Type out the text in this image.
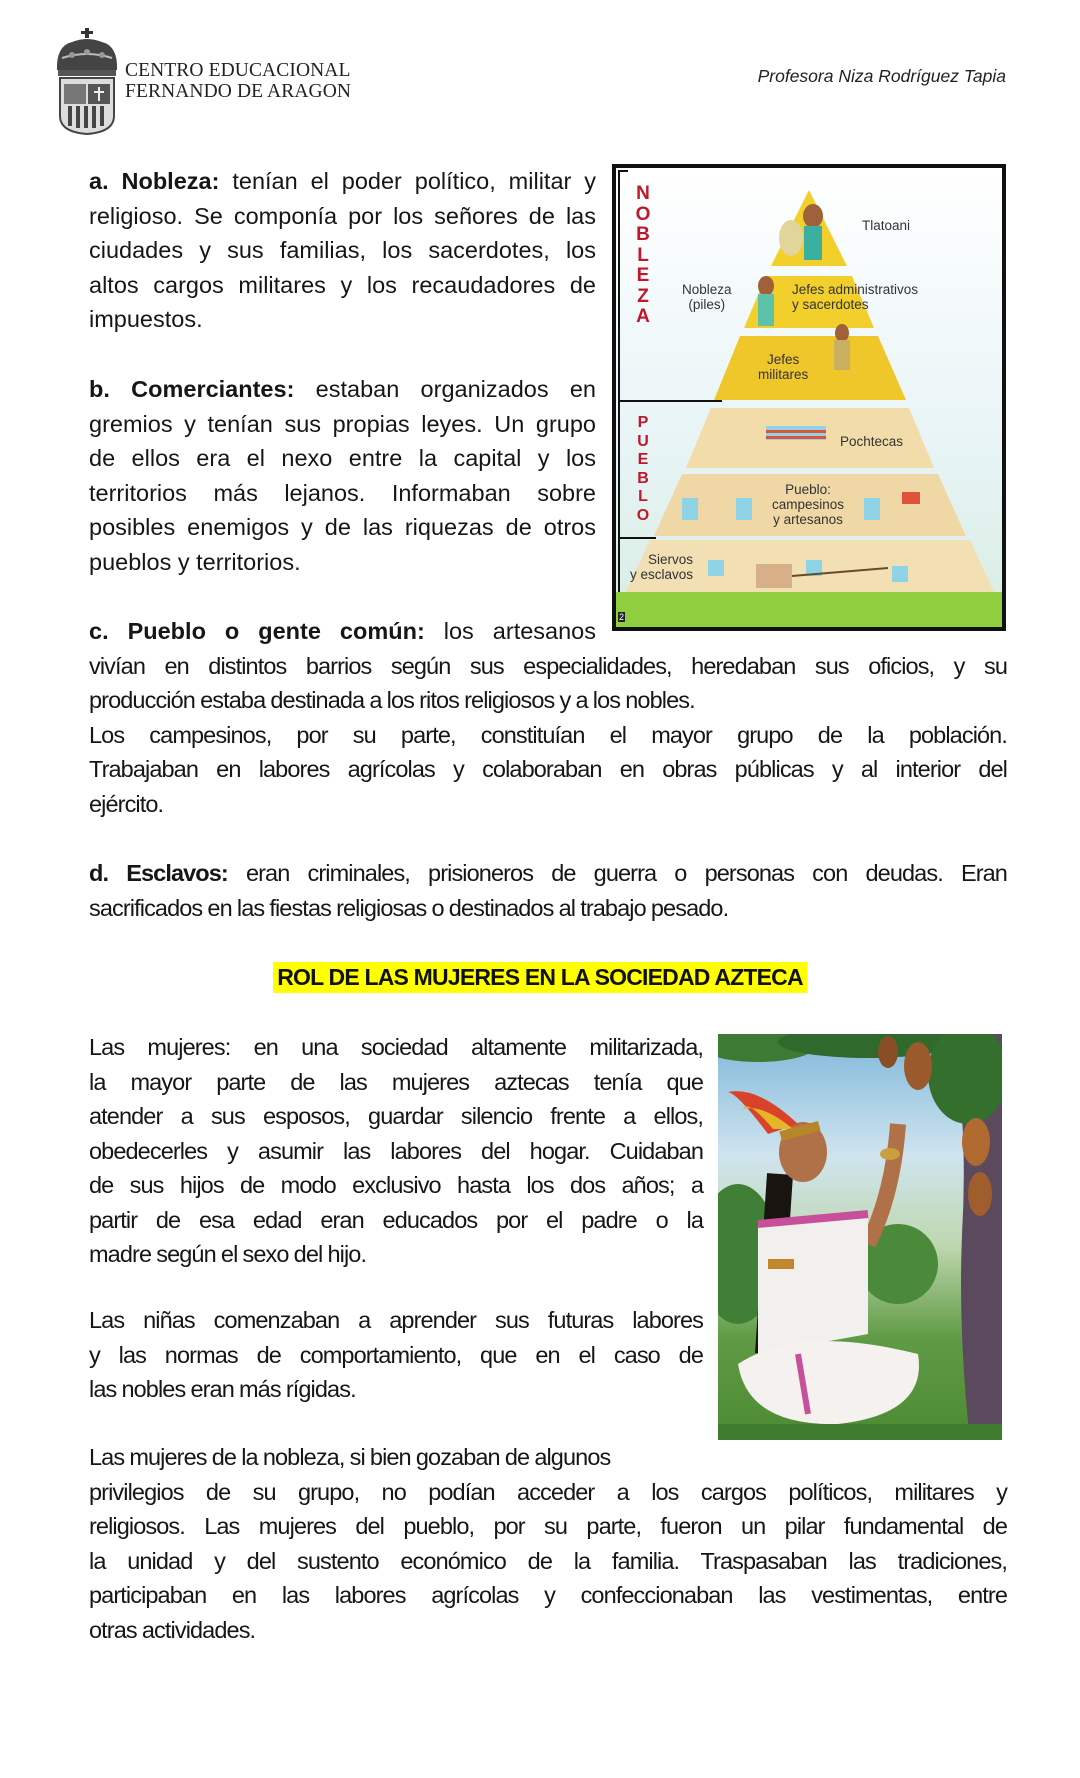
CENTRO EDUCACIONAL
FERNANDO DE ARAGON
Profesora Niza Rodríguez Tapia
a. Nobleza: tenían el poder político, militar y
religioso. Se componía por los señores de las
ciudades y sus familias, los sacerdotes, los
altos cargos militares y los recaudadores de
impuestos.
b. Comerciantes: estaban organizados en
gremios y tenían sus propias leyes. Un grupo
de ellos era el nexo entre la capital y los
territorios más lejanos. Informaban sobre
posibles enemigos y de las riquezas de otros
pueblos y territorios.
N
O
B
L
E
Z
A
P
U
E
B
L
O
Tlatoani
Nobleza
(piles)
Jefes administrativos
y sacerdotes
Jefes
militares
Pochtecas
Pueblo:
campesinos
y artesanos
Siervos
y esclavos
2
c. Pueblo o gente común: los artesanos
vivían en distintos barrios según sus especialidades, heredaban sus oficios, y su
producción estaba destinada a los ritos religiosos y a los nobles.
Los campesinos, por su parte, constituían el mayor grupo de la población.
Trabajaban en labores agrícolas y colaboraban en obras públicas y al interior del
ejército.
d. Esclavos: eran criminales, prisioneros de guerra o personas con deudas. Eran
sacrificados en las fiestas religiosas o destinados al trabajo pesado.
ROL DE LAS MUJERES EN LA SOCIEDAD AZTECA
Las mujeres: en una sociedad altamente militarizada,
la mayor parte de las mujeres aztecas tenía que
atender a sus esposos, guardar silencio frente a ellos,
obedecerles y asumir las labores del hogar. Cuidaban
de sus hijos de modo exclusivo hasta los dos años; a
partir de esa edad eran educados por el padre o la
madre según el sexo del hijo.
Las niñas comenzaban a aprender sus futuras labores
y las normas de comportamiento, que en el caso de
las nobles eran más rígidas.
Las mujeres de la nobleza, si bien gozaban de algunos
privilegios de su grupo, no podían acceder a los cargos políticos, militares y
religiosos. Las mujeres del pueblo, por su parte, fueron un pilar fundamental de
la unidad y del sustento económico de la familia. Traspasaban las tradiciones,
participaban en las labores agrícolas y confeccionaban las vestimentas, entre
otras actividades.
